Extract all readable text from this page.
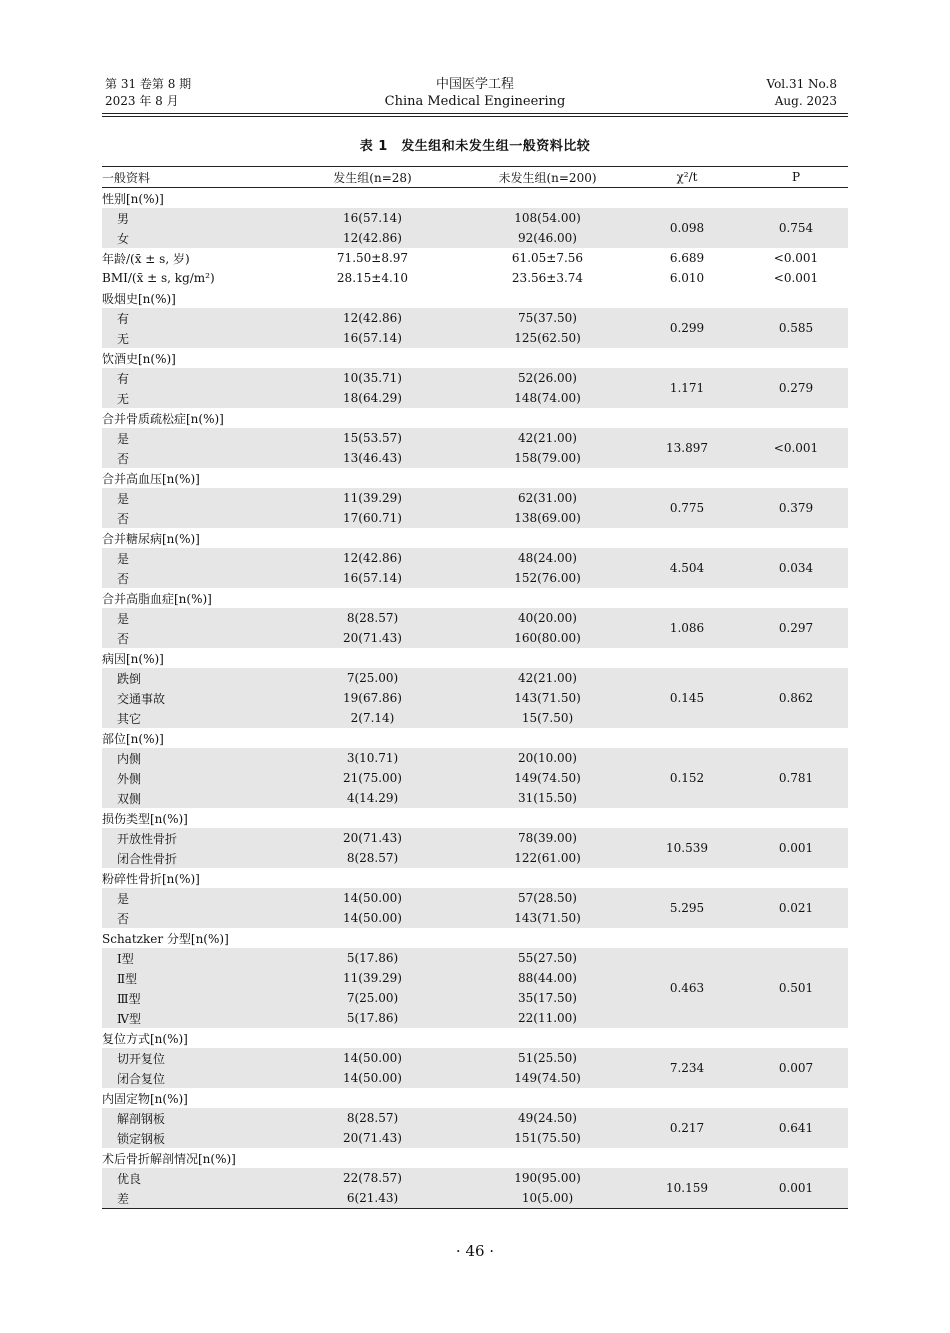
第 31 卷第 8 期
2023 年 8 月
中国医学工程
China Medical Engineering
Vol.31 No.8
Aug. 2023
表 1　发生组和未发生组一般资料比较
一般资料	发生组(n=28)	未发生组(n=200)	χ²/t	P
性别[n(%)]				
男	16(57.14)	108(54.00)	0.098	0.754
女	12(42.86)	92(46.00)		
年龄/(x̄ ± s, 岁)	71.50±8.97	61.05±7.56	6.689	<0.001
BMI/(x̄ ± s, kg/m²)	28.15±4.10	23.56±3.74	6.010	<0.001
吸烟史[n(%)]				
有	12(42.86)	75(37.50)	0.299	0.585
无	16(57.14)	125(62.50)		
饮酒史[n(%)]				
有	10(35.71)	52(26.00)	1.171	0.279
无	18(64.29)	148(74.00)		
合并骨质疏松症[n(%)]				
是	15(53.57)	42(21.00)	13.897	<0.001
否	13(46.43)	158(79.00)		
合并高血压[n(%)]				
是	11(39.29)	62(31.00)	0.775	0.379
否	17(60.71)	138(69.00)		
合并糖尿病[n(%)]				
是	12(42.86)	48(24.00)	4.504	0.034
否	16(57.14)	152(76.00)		
合并高脂血症[n(%)]				
是	8(28.57)	40(20.00)	1.086	0.297
否	20(71.43)	160(80.00)		
病因[n(%)]				
跌倒	7(25.00)	42(21.00)	0.145	0.862
交通事故	19(67.86)	143(71.50)		
其它	2(7.14)	15(7.50)		
部位[n(%)]				
内侧	3(10.71)	20(10.00)	0.152	0.781
外侧	21(75.00)	149(74.50)		
双侧	4(14.29)	31(15.50)		
损伤类型[n(%)]				
开放性骨折	20(71.43)	78(39.00)	10.539	0.001
闭合性骨折	8(28.57)	122(61.00)		
粉碎性骨折[n(%)]				
是	14(50.00)	57(28.50)	5.295	0.021
否	14(50.00)	143(71.50)		
Schatzker 分型[n(%)]				
Ⅰ型	5(17.86)	55(27.50)	0.463	0.501
Ⅱ型	11(39.29)	88(44.00)		
Ⅲ型	7(25.00)	35(17.50)		
Ⅳ型	5(17.86)	22(11.00)		
复位方式[n(%)]				
切开复位	14(50.00)	51(25.50)	7.234	0.007
闭合复位	14(50.00)	149(74.50)		
内固定物[n(%)]				
解剖钢板	8(28.57)	49(24.50)	0.217	0.641
锁定钢板	20(71.43)	151(75.50)		
术后骨折解剖情况[n(%)]				
优良	22(78.57)	190(95.00)	10.159	0.001
差	6(21.43)	10(5.00)		
· 46 ·
